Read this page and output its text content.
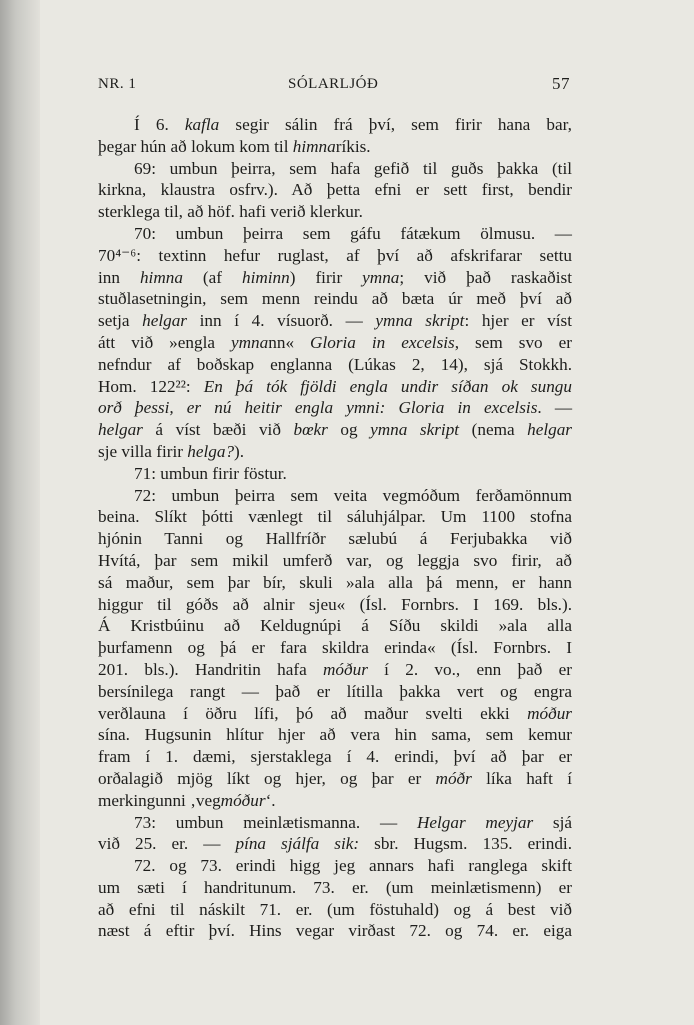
NR. 1	SÓLARLJÓÐ	57
Í 6. kafla segir sálin frá því, sem firir hana bar,
þegar hún að lokum kom til himnaríkis.
69: umbun þeirra, sem hafa gefið til guðs þakka (til
kirkna, klaustra osfrv.). Að þetta efni er sett first, bendir
sterklega til, að höf. hafi verið klerkur.
70: umbun þeirra sem gáfu fátækum ölmusu. —
70⁴⁻⁶: textinn hefur ruglast, af því að afskrifarar settu
inn himna (af himinn) firir ymna; við það raskaðist
stuðlasetningin, sem menn reindu að bæta úr með því að
setja helgar inn í 4. vísuorð. — ymna skript: hjer er víst
átt við »engla ymnann« Gloria in excelsis, sem svo er
nefndur af boðskap englanna (Lúkas 2, 14), sjá Stokkh.
Hom. 122²²: En þá tók fjöldi engla undir síðan ok sungu
orð þessi, er nú heitir engla ymni: Gloria in excelsis. —
helgar á víst bæði við bœkr og ymna skript (nema helgar
sje villa firir helga?).
71: umbun firir föstur.
72: umbun þeirra sem veita vegmóðum ferðamönnum
beina. Slíkt þótti vænlegt til sáluhjálpar. Um 1100 stofna
hjónin Tanni og Hallfríðr sælubú á Ferjubakka við
Hvítá, þar sem mikil umferð var, og leggja svo firir, að
sá maður, sem þar bír, skuli »ala alla þá menn, er hann
higgur til góðs að alnir sjeu« (Ísl. Fornbrs. I 169. bls.).
Á Kristbúinu að Keldugnúpi á Síðu skildi »ala alla
þurfamenn og þá er fara skildra erinda« (Ísl. Fornbrs. I
201. bls.). Handritin hafa móður í 2. vo., enn það er
bersínilega rangt — það er lítilla þakka vert og engra
verðlauna í öðru lífi, þó að maður svelti ekki móður
sína. Hugsunin hlítur hjer að vera hin sama, sem kemur
fram í 1. dæmi, sjerstaklega í 4. erindi, því að þar er
orðalagið mjög líkt og hjer, og þar er móðr líka haft í
merkingunni ‚vegmóður‘.
73: umbun meinlætismanna. — Helgar meyjar sjá
við 25. er. — pína sjálfa sik: sbr. Hugsm. 135. erindi.
72. og 73. erindi higg jeg annars hafi ranglega skift
um sæti í handritunum. 73. er. (um meinlætismenn) er
að efni til náskilt 71. er. (um föstuhald) og á best við
næst á eftir því. Hins vegar virðast 72. og 74. er. eiga
